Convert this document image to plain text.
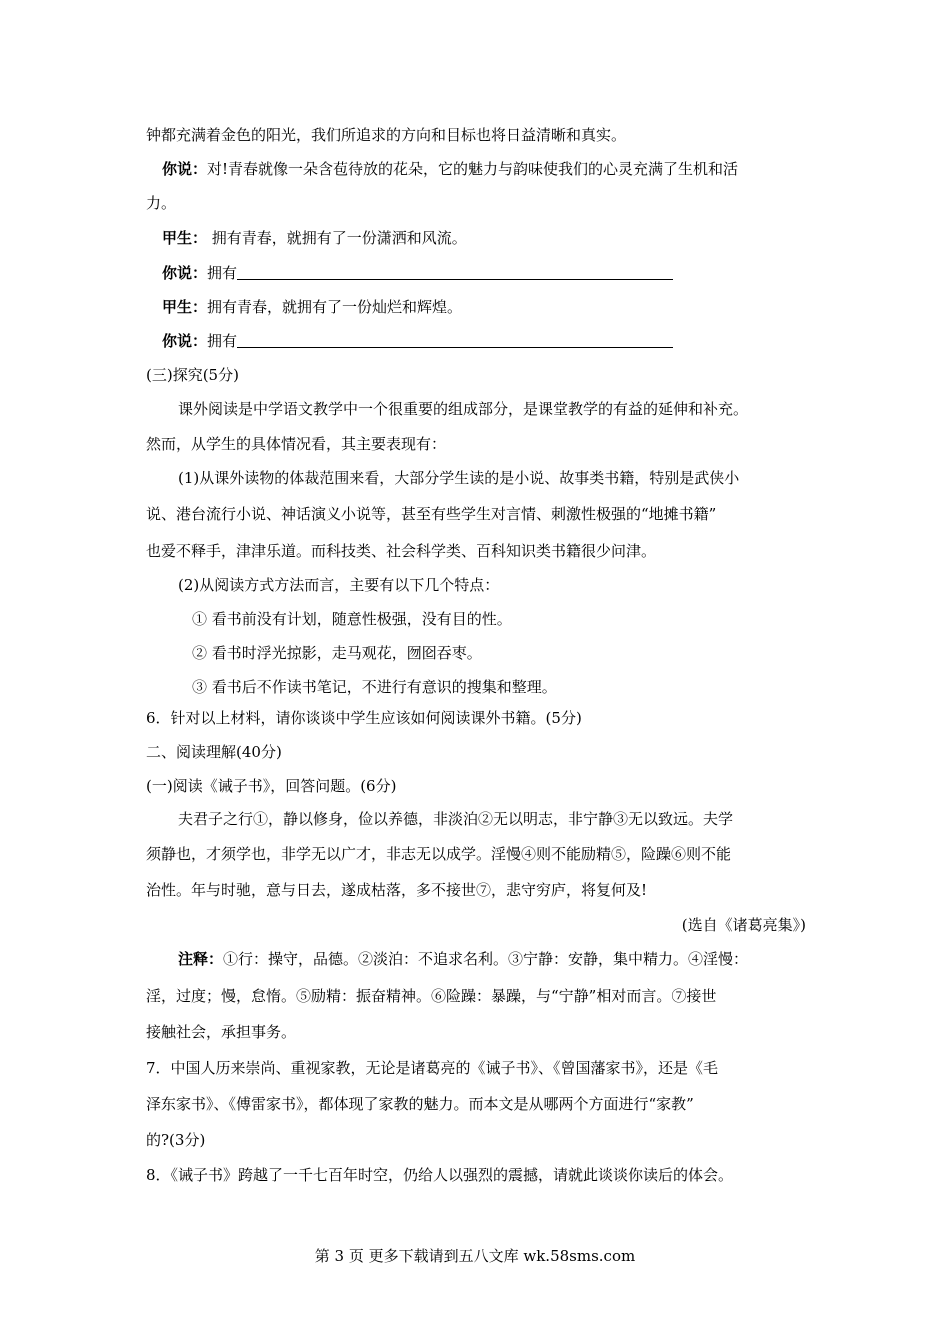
钟都充满着金色的阳光，我们所追求的方向和目标也将日益清晰和真实。
你说：对!青春就像一朵含苞待放的花朵，它的魅力与韵味使我们的心灵充满了生机和活
力。
甲生： 拥有青春，就拥有了一份潇洒和风流。
你说：拥有
甲生：拥有青春，就拥有了一份灿烂和辉煌。
你说：拥有
(三)探究(5分)
课外阅读是中学语文教学中一个很重要的组成部分，是课堂教学的有益的延伸和补充。
然而，从学生的具体情况看，其主要表现有：
(1)从课外读物的体裁范围来看，大部分学生读的是小说、故事类书籍，特别是武侠小
说、港台流行小说、神话演义小说等，甚至有些学生对言情、刺激性极强的“地摊书籍”
也爱不释手，津津乐道。而科技类、社会科学类、百科知识类书籍很少问津。
(2)从阅读方式方法而言，主要有以下几个特点：
① 看书前没有计划，随意性极强，没有目的性。
② 看书时浮光掠影，走马观花，囫囵吞枣。
③ 看书后不作读书笔记，不进行有意识的搜集和整理。
6．针对以上材料，请你谈谈中学生应该如何阅读课外书籍。(5分)
二、阅读理解(40分)
(一)阅读《诫子书》，回答问题。(6分)
夫君子之行①，静以修身，俭以养德，非淡泊②无以明志，非宁静③无以致远。夫学
须静也，才须学也，非学无以广才，非志无以成学。淫慢④则不能励精⑤，险躁⑥则不能
治性。年与时驰，意与日去，遂成枯落，多不接世⑦，悲守穷庐，将复何及!
(选自《诸葛亮集》)
注释：①行：操守，品德。②淡泊：不追求名利。③宁静：安静，集中精力。④淫慢：
淫，过度；慢，怠惰。⑤励精：振奋精神。⑥险躁：暴躁，与“宁静”相对而言。⑦接世
接触社会，承担事务。
7．中国人历来崇尚、重视家教，无论是诸葛亮的《诫子书》、《曾国藩家书》，还是《毛
泽东家书》、《傅雷家书》，都体现了家教的魅力。而本文是从哪两个方面进行“家教”
的?(3分)
8．《诫子书》跨越了一千七百年时空，仍给人以强烈的震撼，请就此谈谈你读后的体会。
第 3 页 更多下载请到五八文库 wk.58sms.com
